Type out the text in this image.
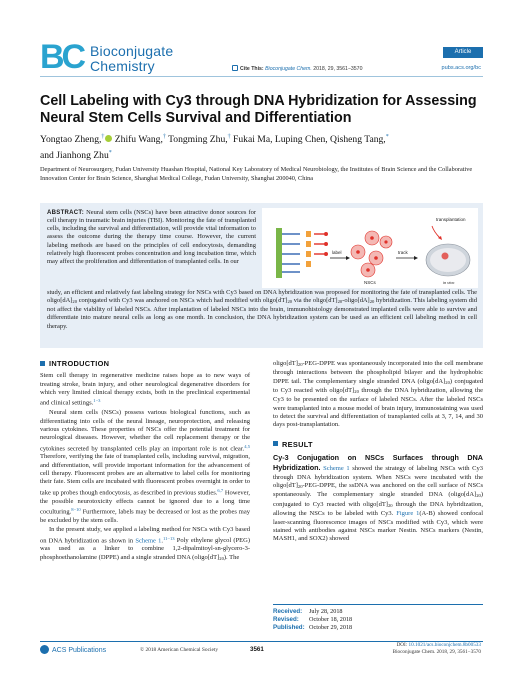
BC Bioconjugate
Chemistry
Article
Cite This: Bioconjugate Chem. 2018, 29, 3561−3570	pubs.acs.org/bc
Cell Labeling with Cy3 through DNA Hybridization for Assessing Neural Stem Cells Survival and Differentiation
Yongtao Zheng,† Zhifu Wang,† Tongming Zhu,† Fukai Ma, Luping Chen, Qisheng Tang,*
and Jianhong Zhu*
Department of Neurosurgery, Fudan University Huashan Hospital, National Key Laboratory of Medical Neurobiology, the Institutes of Brain Science and the Collaborative Innovation Center for Brain Science, Shanghai Medical College, Fudan University, Shanghai 200040, China
ABSTRACT: Neural stem cells (NSCs) have been attractive donor sources for cell therapy in traumatic brain injuries (TBI). Monitoring the fate of transplanted cells, including the survival and differentiation, will provide vital information to assess the outcome during the therapy time course. However, the current labeling methods are based on the principles of cell endocytosis, demanding relatively high fluorescent probes concentration and long incubation time, which may affect the proliferation and differentiation of transplanted cells. In our
label
NSCs
track
transplantation
in vivo
study, an efficient and relatively fast labeling strategy for NSCs with Cy3 based on DNA hybridization was proposed for monitoring the fate of transplanted cells. The $oligo[dA]_{20}$ conjugated with Cy3 was anchored on NSCs which had modified with $oligo[dT]_{20}$ via the $oligo[dT]_{20}-oligo[dA]_{20}$ hybridization. This labeling system did not affect the viability of labeled NSCs. After implantation of labeled NSCs into the brain, immunohistology demonstrated implanted cells were able to survive and differentiate into mature neural cells as long as one month. In conclusion, the DNA hybridization system can be used as an efficient cell labeling method in cell therapy.
INTRODUCTION

Stem cell therapy in regenerative medicine raises hope as to new ways of treating stroke, brain injury, and other neurological degenerative disorders for which very limited clinical therapy exists, both in the preclinical experimental and clinical settings.$^{1-3}$

Neural stem cells (NSCs) possess various biological functions, such as differentiating into cells of the neural lineage, neuroprotection, and releasing various cytokines. These properties of NSCs offer the potential treatment for neurological diseases. However, whether the cell replacement therapy or the cytokines secreted by transplanted cells play an important role is not clear.$^{4,5}$ Therefore, verifying the fate of transplanted cells, including survival, migration, and differentiation, will provide important information for the advancement of cell therapy. Fluorescent probes are an alternative to label cells for monitoring their fate. Stem cells are incubated with fluorescent probes overnight in order to take up probes though endocytosis, as described in previous studies.$^{6,7}$ However, the possible neurotoxicity effects cannot be ignored due to a long time coculturing.$^{8-10}$ Furthermore, labels may be decreased or lost as the probes may be excluded by the stem cells.

In the present study, we applied a labeling method for NSCs with Cy3 based on DNA hybridization as shown in Scheme 1.$^{11-13}$ Poly ethylene glycol (PEG) was used as a linker to combine 1,2-dipalmitoyl-sn-glycero-3-phosphoethanolamine (DPPE) and a single stranded DNA $(oligo[dT]_{20})$. The

$oligo[dT]_{20}-PEG$-DPPE was spontaneously incorporated into the cell membrane through interactions between the phospholipid bilayer and the hydrophobic DPPE tail. The complementary single stranded DNA $(oligo[dA]_{20})$ conjugated to Cy3 reacted with $oligo[dT]_{20}$ through the DNA hybridization, allowing the Cy3 to be presented on the surface of labeled NSCs. After the labeled NSCs were transplanted into a mouse model of brain injury, immunostaining was used to detect the survival and differentiation of transplanted cells at 3, 7, 14, and 30 days post-transplantation.

RESULT

Cy-3 Conjugation on NSCs Surfaces through DNA Hybridization. Scheme 1 showed the strategy of labeling NSCs with Cy3 through DNA hybridization system. When NSCs were incubated with the $oligo[dT]_{20}-PEG$-DPPE, the ssDNA was anchored on the cell surface of NSCs spontaneously. The complementary single stranded DNA $(oligo[dA]_{20})$ conjugated to Cy3 reacted with $oligo[dT]_{20}$ through the DNA hybridization, allowing the NSCs to be labeled with Cy3. Figure 1(A-B) showed confocal laser-scanning fluorescence images of NSCs modified with Cy3, which were stained with antibodies against NSCs marker Nestin. NSCs markers (Nestin, MASH1, and SOX2) showed

Received: July 28, 2018
Revised: October 18, 2018
Published: October 29, 2018
ACS Publications	© 2018 American Chemical Society	3561
DOI: 10.1021/acs.bioconjchem.8b00533
Bioconjugate Chem. 2018, 29, 3561−3570
